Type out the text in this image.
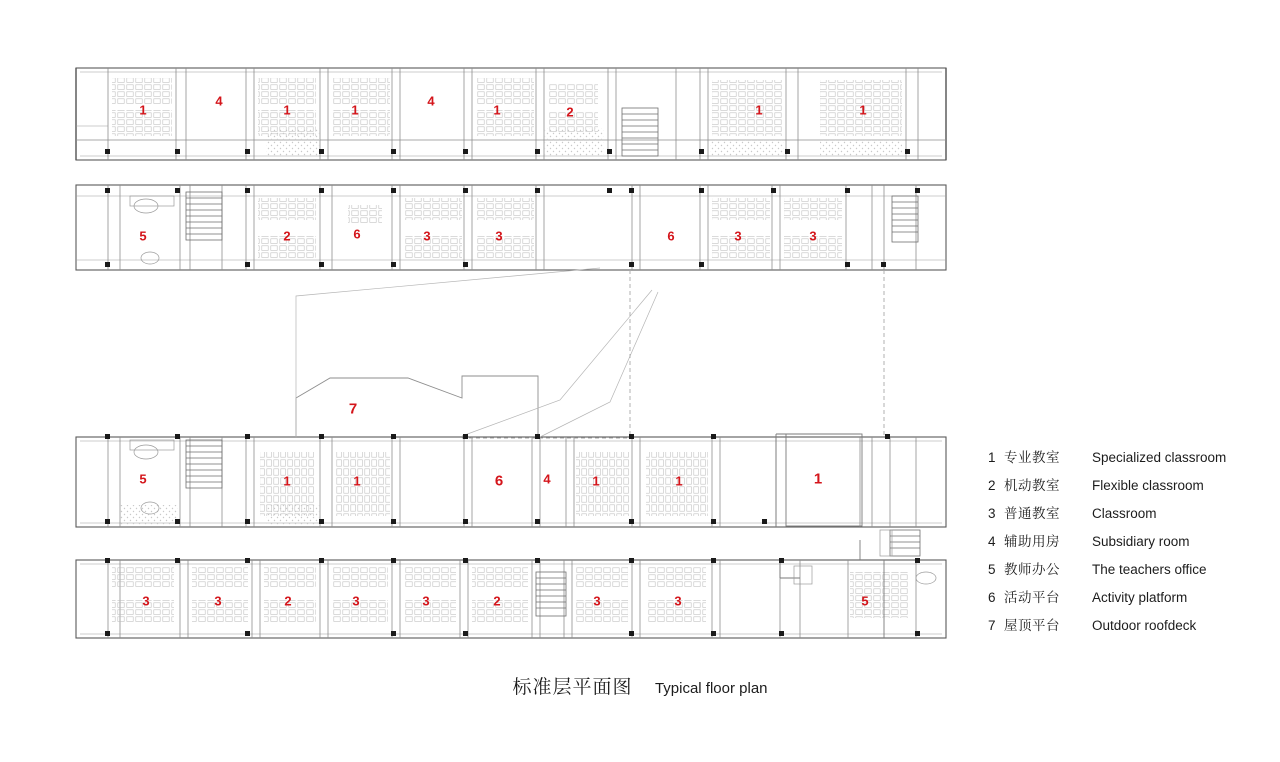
1
4
1	1
4
1	2	1	1
5	2	6	3	3	6	3	3
7
5	1	1	6	4	1	1	1
3	3	2	3	3	2	3	3	5
1 专业教室	Specialized classroom
2 机动教室	Flexible classroom
3 普通教室	Classroom
4 辅助用房	Subsidiary room
5 教师办公	The teachers office
6 活动平台	Activity platform
7 屋顶平台	Outdoor roofdeck
标准层平面图 Typical floor plan
